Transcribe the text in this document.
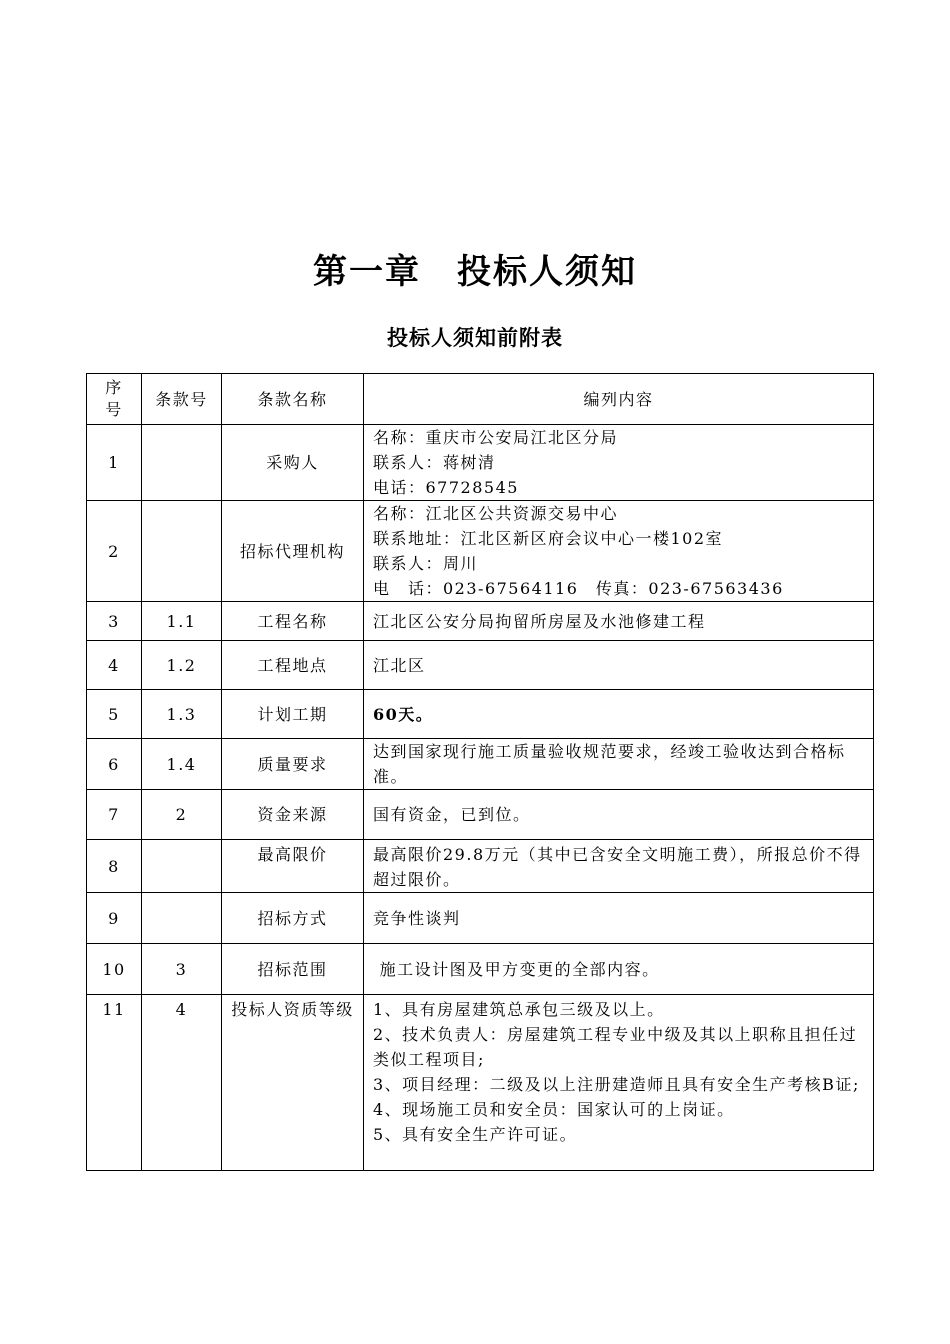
第一章　投标人须知
投标人须知前附表
序
号	条款号	条款名称	编列内容
1		采购人	名称：重庆市公安局江北区分局
联系人：蒋树清
电话：67728545

2		招标代理机构	名称：江北区公共资源交易中心
联系地址：江北区新区府会议中心一楼102室
联系人：周川
电　话：023-67564116　传真：023-67563436

3	1.1	工程名称	江北区公安分局拘留所房屋及水池修建工程

4	1.2	工程地点	江北区

5	1.3	计划工期	60天。

6	1.4	质量要求	达到国家现行施工质量验收规范要求，经竣工验收达到合格标准。

7	2	资金来源	国有资金，已到位。

8		最高限价	最高限价29.8万元（其中已含安全文明施工费），所报总价不得超过限价。

9		招标方式	竞争性谈判

10	3	招标范围	施工设计图及甲方变更的全部内容。

11	4	投标人资质等级	1、具有房屋建筑总承包三级及以上。
2、技术负责人：房屋建筑工程专业中级及其以上职称且担任过类似工程项目;
3、项目经理：二级及以上注册建造师且具有安全生产考核B证;
4、现场施工员和安全员：国家认可的上岗证。
5、具有安全生产许可证。
